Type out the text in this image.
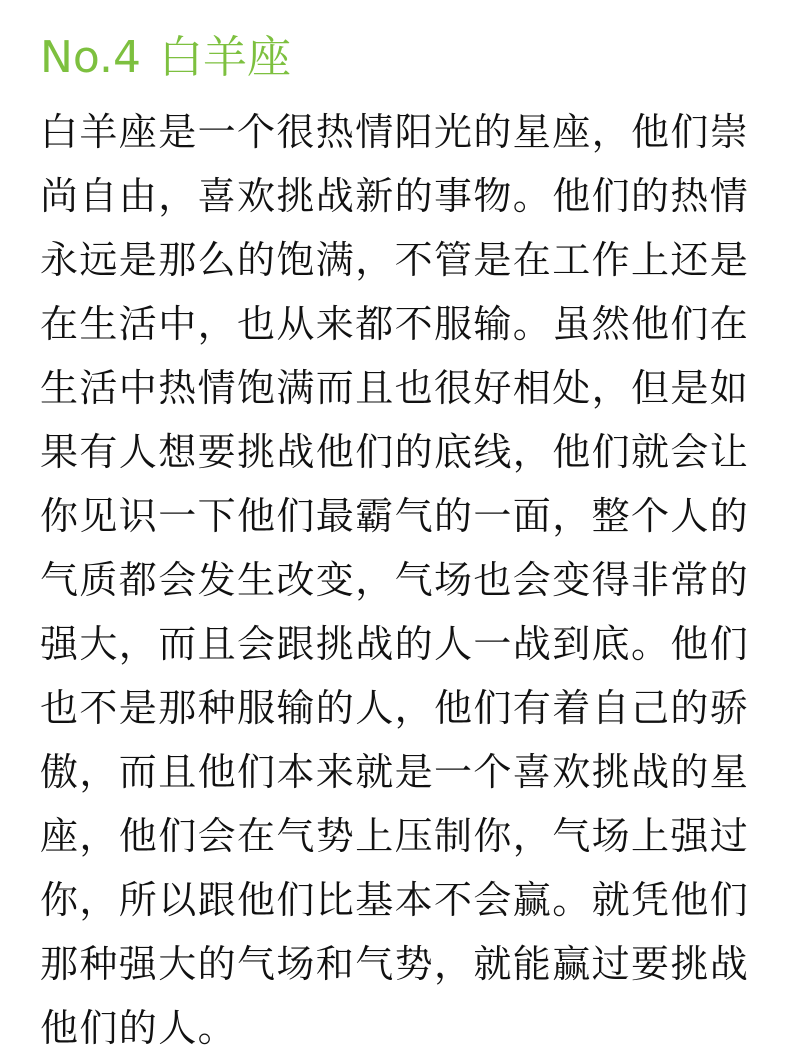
No.4 白羊座
白羊座是一个很热情阳光的星座，他们崇
尚自由，喜欢挑战新的事物。他们的热情
永远是那么的饱满，不管是在工作上还是
在生活中，也从来都不服输。虽然他们在
生活中热情饱满而且也很好相处，但是如
果有人想要挑战他们的底线，他们就会让
你见识一下他们最霸气的一面，整个人的
气质都会发生改变，气场也会变得非常的
强大，而且会跟挑战的人一战到底。他们
也不是那种服输的人，他们有着自己的骄
傲，而且他们本来就是一个喜欢挑战的星
座，他们会在气势上压制你，气场上强过
你，所以跟他们比基本不会赢。就凭他们
那种强大的气场和气势，就能赢过要挑战
他们的人。
